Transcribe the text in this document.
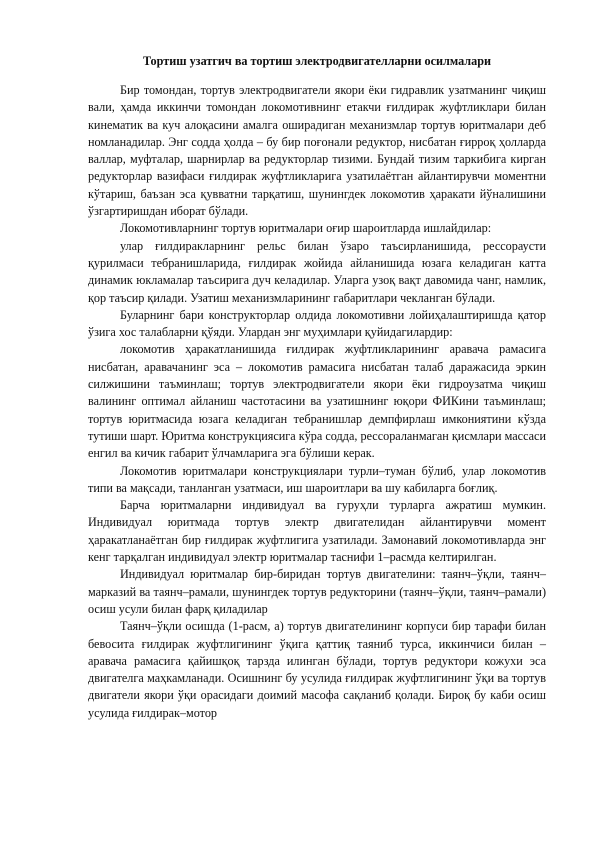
Тортиш узатгич ва тортиш электродвигателларни осилмалари

Бир томондан, тортув электродвигатели якори ёки гидравлик узатманинг чиқиш вали, ҳамда иккинчи томондан локомотивнинг етакчи ғилдирак жуфтликлари билан кинематик ва куч алоқасини амалга оширадиган механизмлар тортув юритмалари деб номланадилар. Энг содда ҳолда – бу бир поғонали редуктор, нисбатан ғирроқ ҳолларда валлар, муфталар, шарнирлар ва редукторлар тизими. Бундай тизим таркибига кирган редукторлар вазифаси ғилдирак жуфтликларига узатилаётган айлантирувчи моментни кўтариш, баъзан эса қувватни тарқатиш, шунингдек локомотив ҳаракати йўналишини ўзгартиришдан иборат бўлади.

Локомотивларнинг тортув юритмалари оғир шароитларда ишлайдилар:

улар ғилдиракларнинг рельс билан ўзаро таъсирланишида, рессораусти қурилмаси тебранишларида, ғилдирак жойида айланишида юзага келадиган катта динамик юкламалар таъсирига дуч келадилар. Уларга узоқ вақт давомида чанг, намлик, қор таъсир қилади. Узатиш механизмларининг габаритлари чекланган бўлади.

Буларнинг бари конструкторлар олдида локомотивни лойиҳалаштиришда қатор ўзига хос талабларни қўяди. Улардан энг муҳимлари қуйидагилардир:

локомотив ҳаракатланишида ғилдирак жуфтликларининг аравача рамасига нисбатан, аравачанинг эса – локомотив рамасига нисбатан талаб даражасида эркин силжишини таъминлаш; тортув электродвигатели якори ёки гидроузатма чиқиш валининг оптимал айланиш частотасини ва узатишнинг юқори ФИКини таъминлаш; тортув юритмасида юзага келадиган тебранишлар демпфирлаш имкониятини кўзда тутиши шарт. Юритма конструкциясига кўра содда, рессораланмаган қисмлари массаси енгил ва кичик габарит ўлчамларига эга бўлиши керак.

Локомотив юритмалари конструкциялари турли–туман бўлиб, улар локомотив типи ва мақсади, танланган узатмаси, иш шароитлари ва шу кабиларга боғлиқ.

Барча юритмаларни индивидуал ва гуруҳли турларга ажратиш мумкин. Индивидуал юритмада тортув электр двигателидан айлантирувчи момент ҳаракатланаётган бир ғилдирак жуфтлигига узатилади. Замонавий локомотивларда энг кенг тарқалган индивидуал электр юритмалар таснифи 1–расмда келтирилган.

Индивидуал юритмалар бир-биридан тортув двигателини: таянч–ўқли, таянч–марказий ва таянч–рамали, шунингдек тортув редукторини (таянч–ўқли, таянч–рамали) осиш усули билан фарқ қиладилар

Таянч–ўқли осишда (1-расм, а) тортув двигателининг корпуси бир тарафи билан бевосита ғилдирак жуфтлигининг ўқига қаттиқ таяниб турса, иккинчиси билан – аравача рамасига қайишқоқ тарзда илинган бўлади, тортув редуктори кожухи эса двигателга маҳкамланади. Осишнинг бу усулида ғилдирак жуфтлигининг ўқи ва тортув двигатели якори ўқи орасидаги доимий масофа сақланиб қолади. Бироқ бу каби осиш усулида ғилдирак–мотор
